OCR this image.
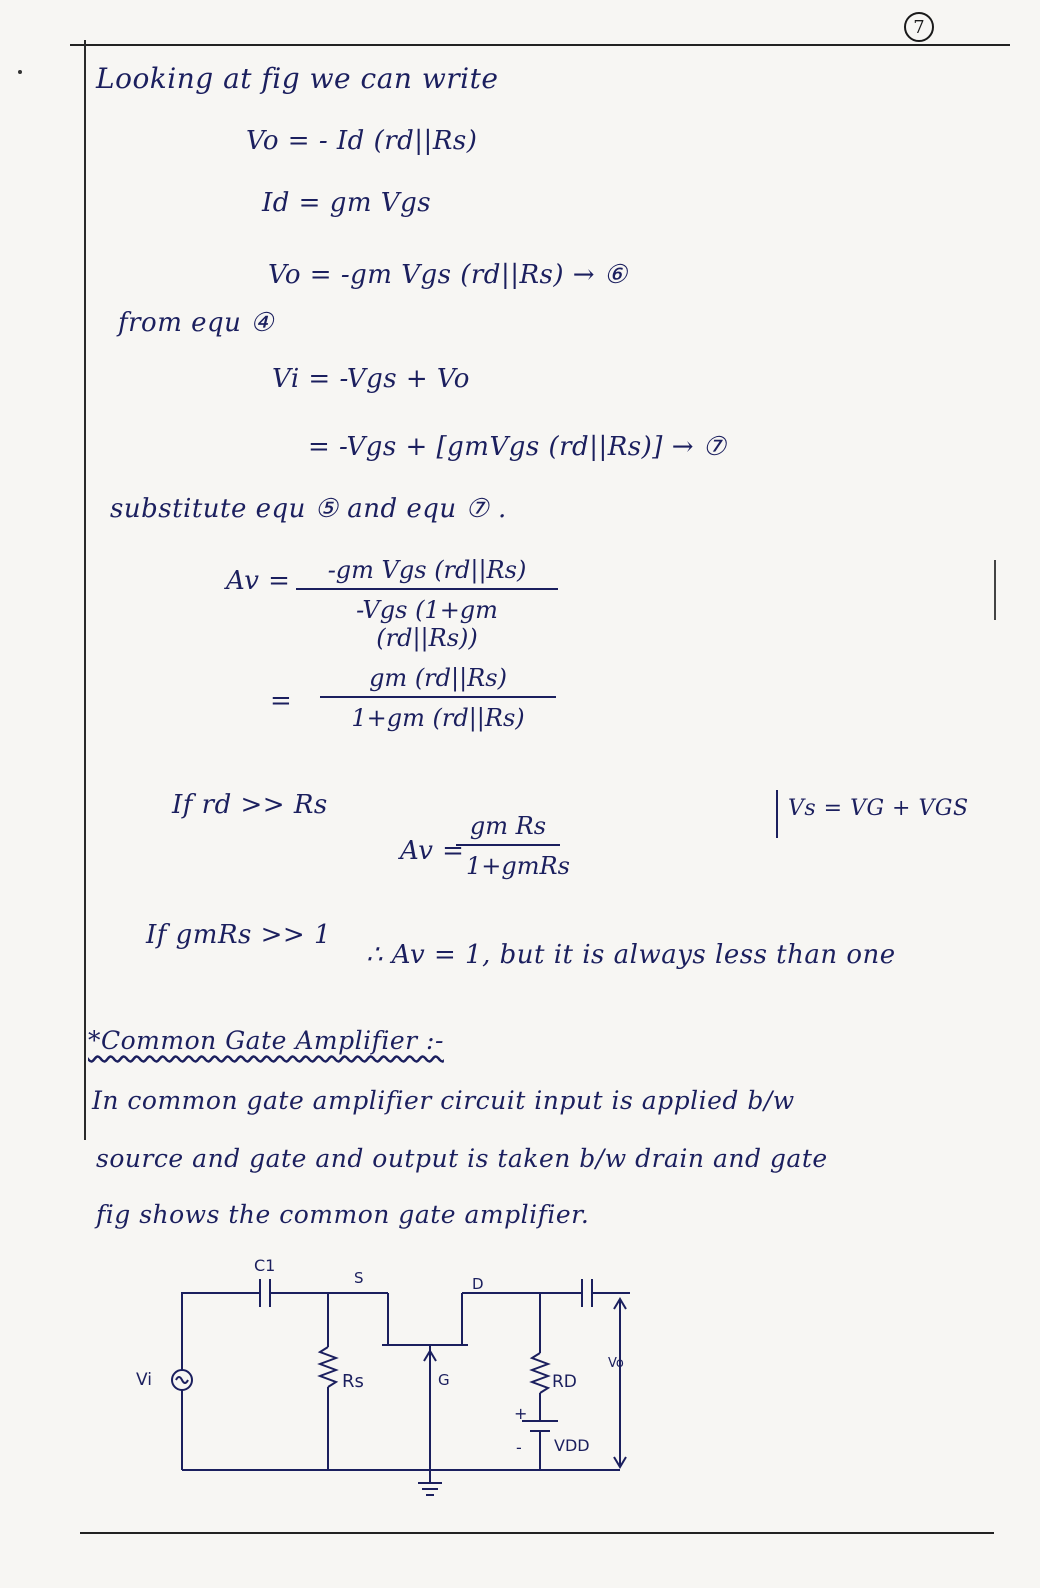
7
Looking at fig we can write
Vo = - Id (rd||Rs)
Id = gm Vgs
Vo = -gm Vgs (rd||Rs) → ⑥
from equ ④
Vi = -Vgs + Vo
= -Vgs + [gmVgs (rd||Rs)] → ⑦
substitute equ ⑤ and equ ⑦ .
Av =	-gm Vgs (rd||Rs)
-Vgs (1+gm (rd||Rs))
= $\frac{gm (rd||Rs)}{1+gm (rd||Rs)}$
If rd >> Rs	Vs = VG + VGS
Av =
gm Rs
1+gmRs
If gmRs >> 1
∴ Av = 1, but it is always less than one
*Common Gate Amplifier :-
In common gate amplifier circuit input is applied b/w
source and gate and output is taken b/w drain and gate
fig shows the common gate amplifier.
C1
S	D
Vi	Rs	G	RD
Vo
VDD
+
-
